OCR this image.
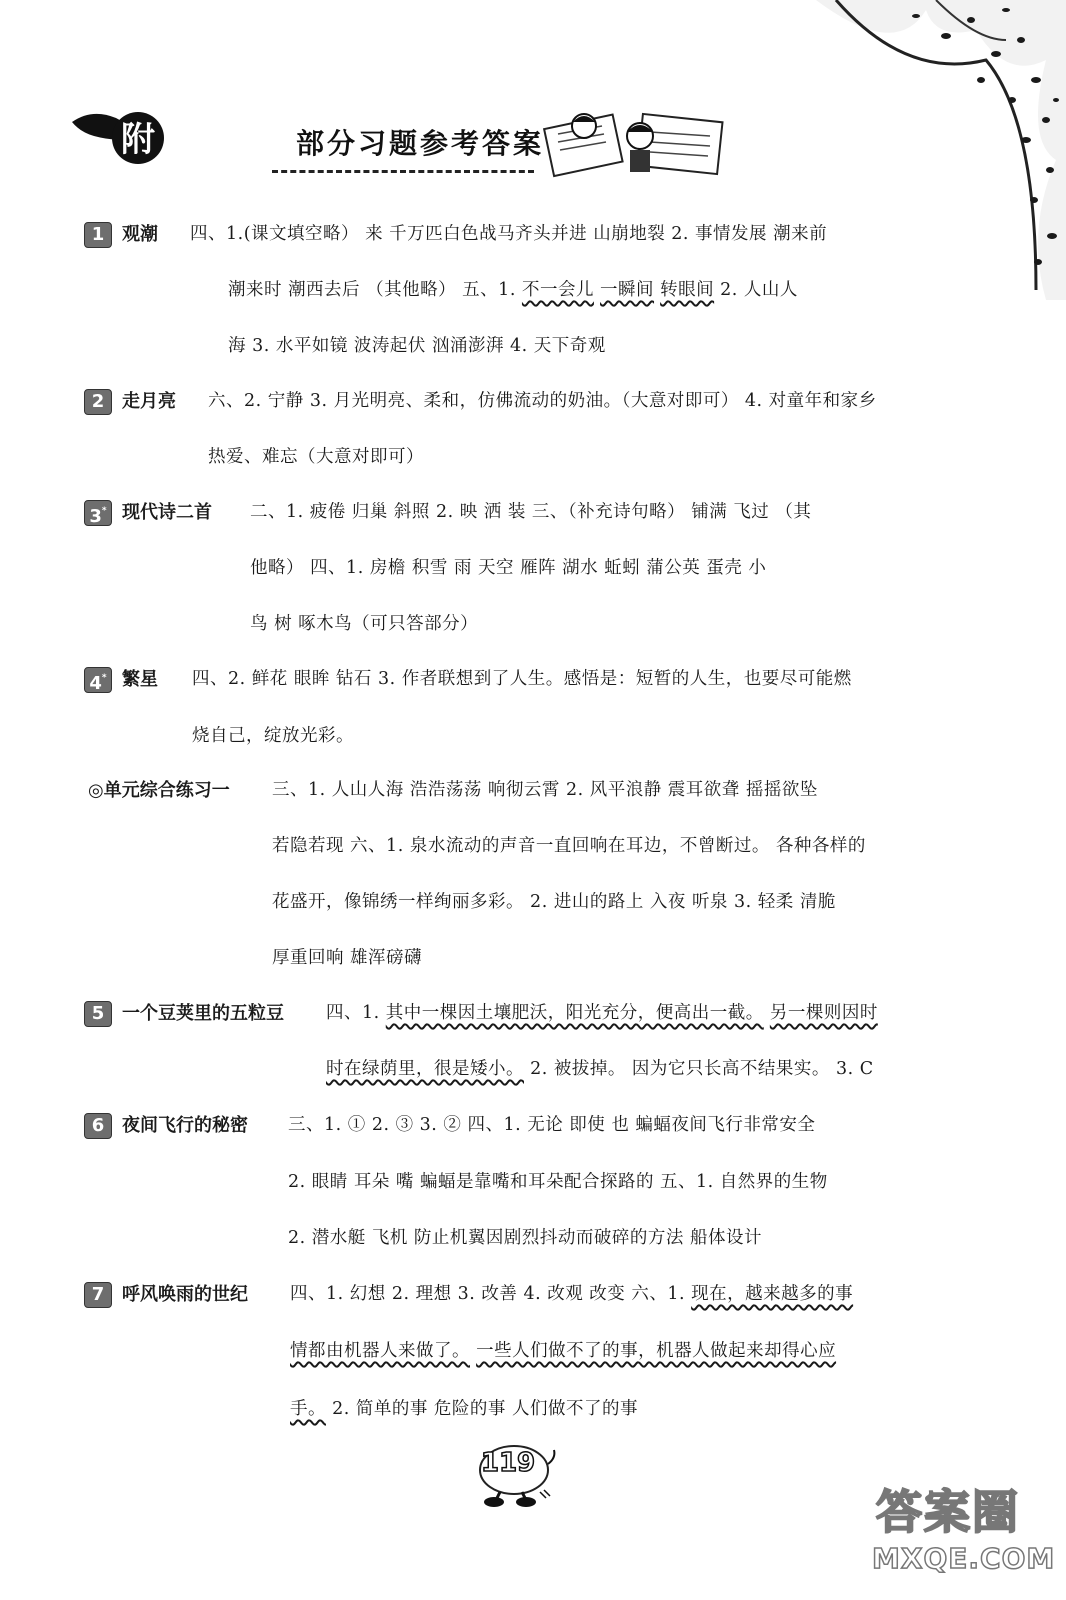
附	部分习题参考答案
1 观潮 四、1.(课文填空略） 来 千万匹白色战马齐头并进 山崩地裂 2. 事情发展 潮来前
潮来时 潮西去后 （其他略） 五、1. 不一会儿 一瞬间 转眼间 2. 人山人
海 3. 水平如镜 波涛起伏 汹涌澎湃 4. 天下奇观
2 走月亮 六、2. 宁静 3. 月光明亮、柔和，仿佛流动的奶油。（大意对即可） 4. 对童年和家乡
热爱、难忘（大意对即可）
3* 现代诗二首 二、1. 疲倦 归巢 斜照 2. 映 洒 装 三、（补充诗句略） 铺满 飞过 （其
他略） 四、1. 房檐 积雪 雨 天空 雁阵 湖水 蚯蚓 蒲公英 蛋壳 小
鸟 树 啄木鸟（可只答部分）
4* 繁星 四、2. 鲜花 眼眸 钻石 3. 作者联想到了人生。感悟是：短暂的人生，也要尽可能燃
烧自己，绽放光彩。
◎单元综合练习一 三、1. 人山人海 浩浩荡荡 响彻云霄 2. 风平浪静 震耳欲聋 摇摇欲坠
若隐若现 六、1. 泉水流动的声音一直回响在耳边，不曾断过。 各种各样的
花盛开，像锦绣一样绚丽多彩。 2. 进山的路上 入夜 听泉 3. 轻柔 清脆
厚重回响 雄浑磅礴
5 一个豆荚里的五粒豆 四、1. 其中一棵因土壤肥沃，阳光充分，便高出一截。 另一棵则因时
时在绿荫里，很是矮小。 2. 被拔掉。 因为它只长高不结果实。 3. C
6 夜间飞行的秘密 三、1. ① 2. ③ 3. ② 四、1. 无论 即使 也 蝙蝠夜间飞行非常安全
2. 眼睛 耳朵 嘴 蝙蝠是靠嘴和耳朵配合探路的 五、1. 自然界的生物
2. 潜水艇 飞机 防止机翼因剧烈抖动而破碎的方法 船体设计
7 呼风唤雨的世纪 四、1. 幻想 2. 理想 3. 改善 4. 改观 改变 六、1. 现在，越来越多的事
情都由机器人来做了。 一些人们做不了的事，机器人做起来却得心应
手。 2. 简单的事 危险的事 人们做不了的事
119
答案圈
MXQE.COM
